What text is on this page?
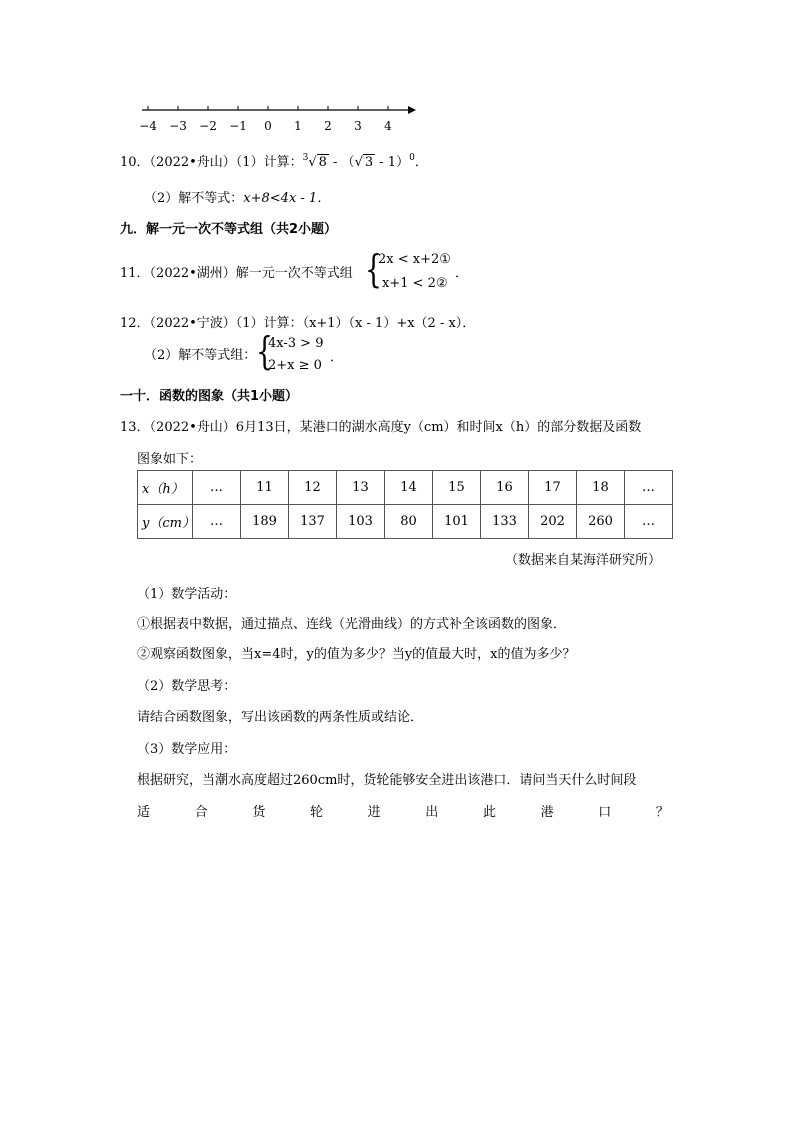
−4 −3 −2 −1 0 1 2 3 4
10．（2022•舟山）（1）计算：$^3$√ 8 - （√ 3 - 1）$^0$．
（2）解不等式：x+8<4x - 1．
九．解一元一次不等式组（共2小题）
11．（2022•湖州）解一元一次不等式组 {
2x < x+2①
x+1 < 2②
．
12．（2022•宁波）（1）计算：（x+1）（x - 1）+x（2 - x）．
（2）解不等式组： {
4x-3 > 9
2+x ≥ 0
．
一十．函数的图象（共1小题）
13．（2022•舟山）6月13日，某港口的湖水高度y（cm）和时间x（h）的部分数据及函数
图象如下：
x（h）	…	11	12	13	14	15	16	17	18	…
y（cm）	…	189	137	103	80	101	133	202	260	…
（数据来自某海洋研究所）
（1）数学活动：
①根据表中数据，通过描点、连线（光滑曲线）的方式补全该函数的图象．
②观察函数图象，当x=4时，y的值为多少？当y的值最大时，x的值为多少？
（2）数学思考：
请结合函数图象，写出该函数的两条性质或结论．
（3）数学应用：
根据研究，当潮水高度超过260cm时，货轮能够安全进出该港口．请问当天什么时间段
适	合	货	轮	进	出	此	港	口	？
